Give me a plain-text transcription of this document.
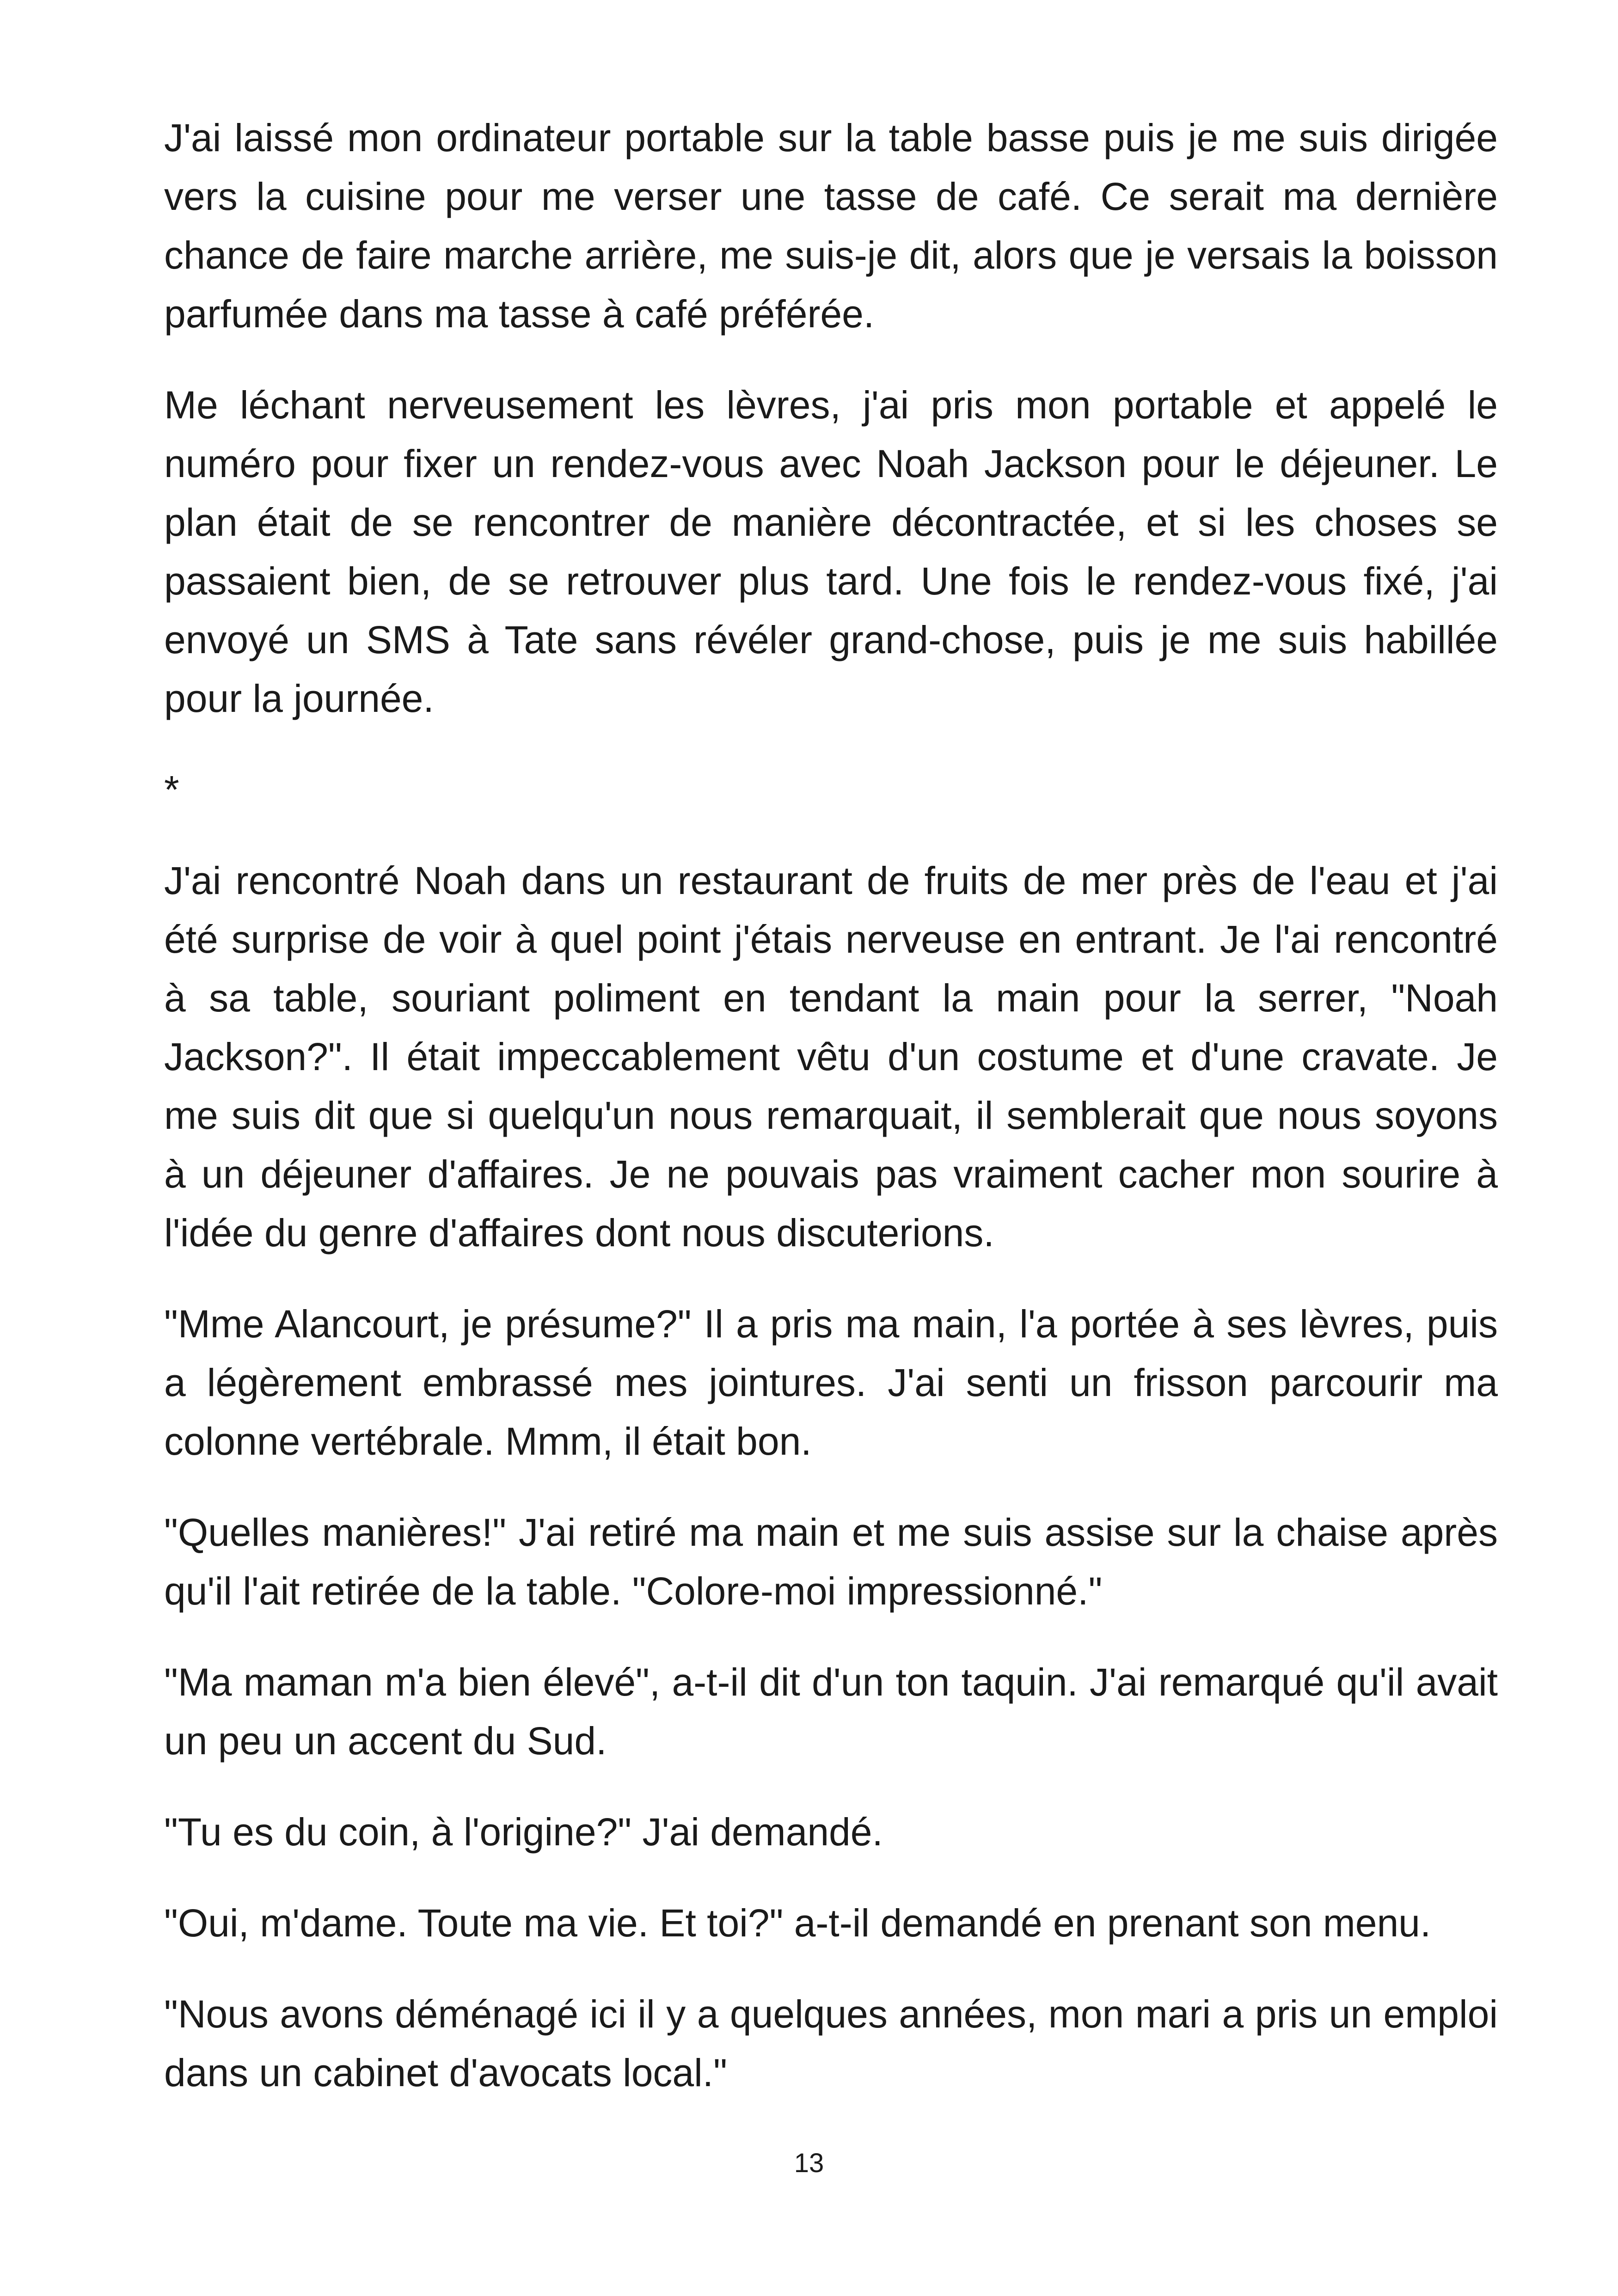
J'ai laissé mon ordinateur portable sur la table basse puis je me suis dirigée vers la cuisine pour me verser une tasse de café. Ce serait ma dernière chance de faire marche arrière, me suis-je dit, alors que je versais la boisson parfumée dans ma tasse à café préférée.

Me léchant nerveusement les lèvres, j'ai pris mon portable et appelé le numéro pour fixer un rendez-vous avec Noah Jackson pour le déjeuner. Le plan était de se rencontrer de manière décontractée, et si les choses se passaient bien, de se retrouver plus tard. Une fois le rendez-vous fixé, j'ai envoyé un SMS à Tate sans révéler grand-chose, puis je me suis habillée pour la journée.

*

J'ai rencontré Noah dans un restaurant de fruits de mer près de l'eau et j'ai été surprise de voir à quel point j'étais nerveuse en entrant. Je l'ai rencontré à sa table, souriant poliment en tendant la main pour la serrer, "Noah Jackson?". Il était impeccablement vêtu d'un costume et d'une cravate. Je me suis dit que si quelqu'un nous remarquait, il semblerait que nous soyons à un déjeuner d'affaires. Je ne pouvais pas vraiment cacher mon sourire à l'idée du genre d'affaires dont nous discuterions.

"Mme Alancourt, je présume?" Il a pris ma main, l'a portée à ses lèvres, puis a légèrement embrassé mes jointures. J'ai senti un frisson parcourir ma colonne vertébrale. Mmm, il était bon.

"Quelles manières!" J'ai retiré ma main et me suis assise sur la chaise après qu'il l'ait retirée de la table. "Colore-moi impressionné."

"Ma maman m'a bien élevé", a-t-il dit d'un ton taquin. J'ai remarqué qu'il avait un peu un accent du Sud.

"Tu es du coin, à l'origine?" J'ai demandé.

"Oui, m'dame. Toute ma vie. Et toi?" a-t-il demandé en prenant son menu.

"Nous avons déménagé ici il y a quelques années, mon mari a pris un emploi dans un cabinet d'avocats local."

13
